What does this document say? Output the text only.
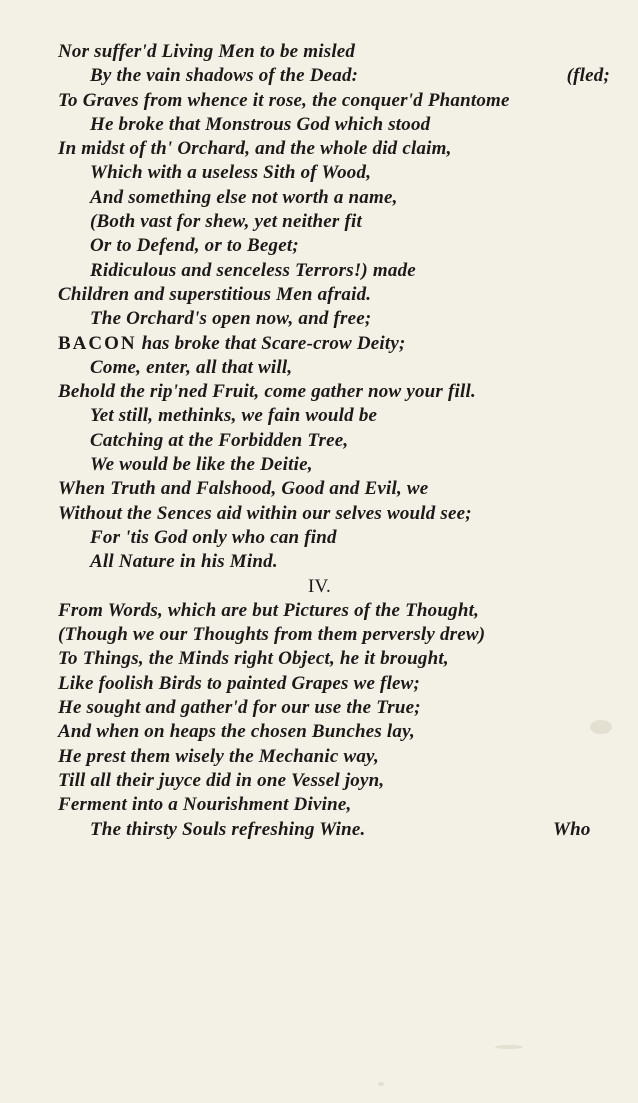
Nor suffer'd Living Men to be misled
By the vain shadows of the Dead:	(fled;
To Graves from whence it rose, the conquer'd Phantome
He broke that Monstrous God which stood
In midst of th' Orchard, and the whole did claim,
Which with a useless Sith of Wood,
And something else not worth a name,
(Both vast for shew, yet neither fit
Or to Defend, or to Beget;
Ridiculous and senceless Terrors!) made
Children and superstitious Men afraid.
The Orchard's open now, and free;
BACON has broke that Scare-crow Deity;
Come, enter, all that will,
Behold the rip'ned Fruit, come gather now your fill.
Yet still, methinks, we fain would be
Catching at the Forbidden Tree,
We would be like the Deitie,
When Truth and Falshood, Good and Evil, we
Without the Sences aid within our selves would see;
For 'tis God only who can find
All Nature in his Mind.
IV.
From Words, which are but Pictures of the Thought,
(Though we our Thoughts from them perversly drew)
To Things, the Minds right Object, he it brought,
Like foolish Birds to painted Grapes we flew;
He sought and gather'd for our use the True;
And when on heaps the chosen Bunches lay,
He prest them wisely the Mechanic way,
Till all their juyce did in one Vessel joyn,
Ferment into a Nourishment Divine,
The thirsty Souls refreshing Wine.	Who
